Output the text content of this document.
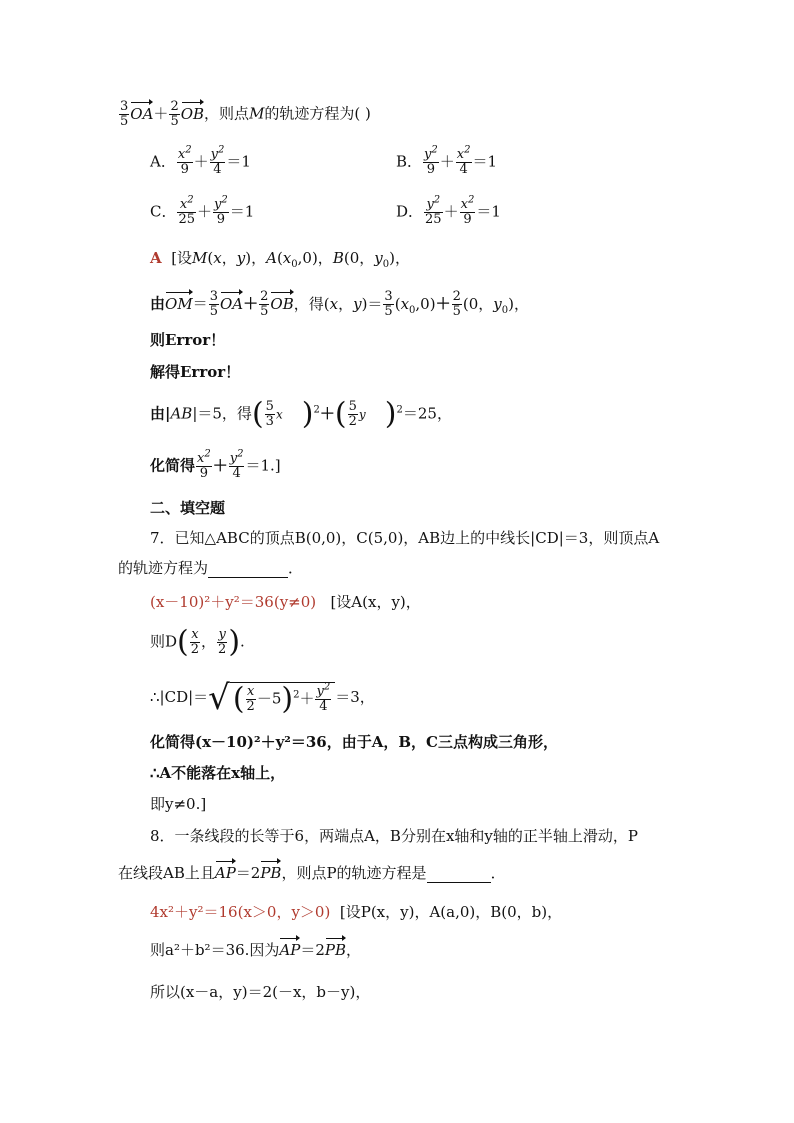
$\frac{3}{5} OA+ \frac{2}{5}$ OB，则点M的轨迹方程为( )
A． $\frac{x^2}{9} + \frac{y^2}{4} =1$	B． $\frac{y^2}{9} + \frac{x^2}{4} =1$
C． $\frac{x^2}{25} + \frac{y^2}{9} =1$	D． $\frac{y^2}{25} + \frac{x^2}{9} =1$
A [设M(x，y)，$A(x_0,0)$，B(0，$y_0$)，
由$OM= \frac{3}{5} OA+ \frac{2}{5}$ OB，得(x，$y)= \frac{3}{5} (x_0,0)+ \frac{2}{5} (0$，$y_0$)，
则Error！
解得Error！
由|AB|＝5，得( $\frac{5}{3}$ x )$^2+( \frac{5}{2}$ y )$^2$＝25，
化简得 $\frac{x^2}{9} + \frac{y^2}{4} =1$.]
二、填空题
7．已知△ABC的顶点B(0,0)，C(5,0)，AB边上的中线长|CD|＝3，则顶点A
的轨迹方程为	．
(x－10)²＋y²＝36(y≠0) [设A(x，y)，
则$D( \frac{x}{2}$ ， $\frac{y}{2}$ ).
∴|CD|＝√ ( $\frac{x}{2} -5)^2+ \frac{y^2}{4} =3$，
化简得(x－10)²＋y²＝36，由于A，B，C三点构成三角形，
∴A不能落在x轴上，
即y≠0.]
8．一条线段的长等于6，两端点A，B分别在x轴和y轴的正半轴上滑动，P
在线段AB上且AP＝2PB，则点P的轨迹方程是	．
4x²＋y²＝16(x＞0，y＞0) [设P(x，y)，A(a,0)，B(0，b)，
则a²＋b²＝36.因为AP＝2PB，
所以(x－a，y)＝2(－x，b－y)，
